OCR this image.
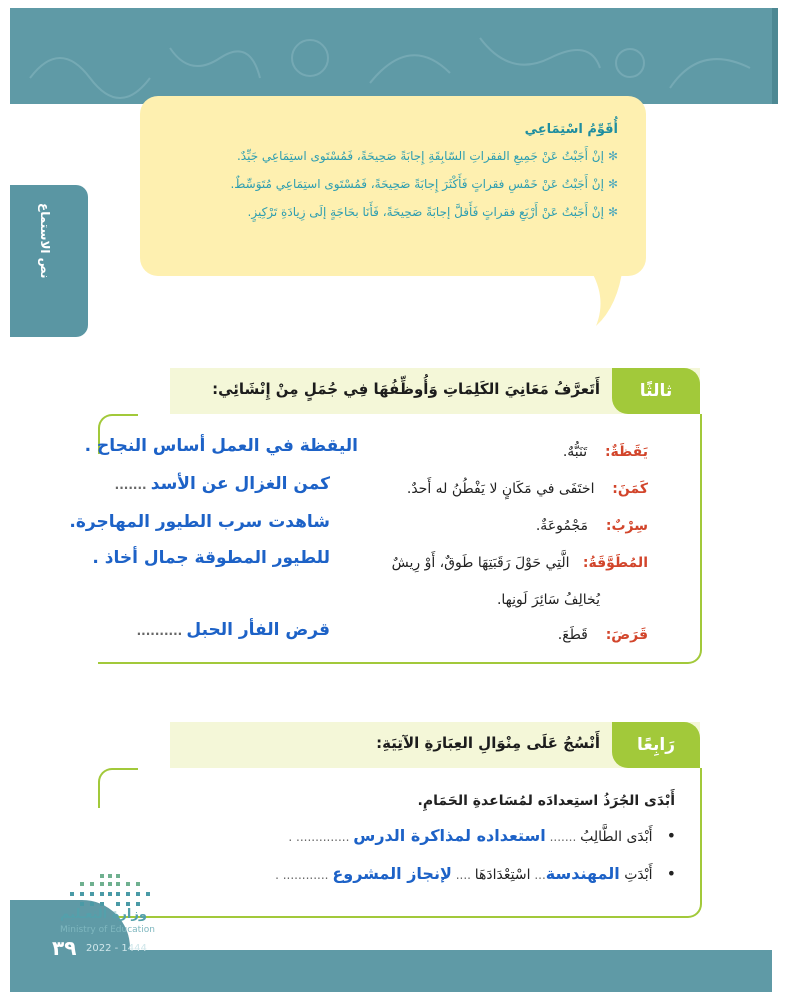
نص الاستماع
أُقَوِّمُ اسْتِمَاعِي
✻إنْ أَجَبْتُ عَنْ جَمِيعِ الفقراتِ السّابِقَةِ إِجابَةً صَحِيحَةً، فَمُسْتَوى استِمَاعِي جَيِّدٌ.
✻إنْ أَجَبْتُ عَنْ خَمْسِ فقراتٍ فَأَكْثَرَ إِجابَةً صَحِيحَةً، فَمُسْتَوى استِمَاعِي مُتَوَسِّطٌ.
✻إنْ أَجَبْتُ عَنْ أَرْبَعِ فقراتٍ فَأَقلَّ إجابَةً صَحِيحَةً، فَأَنَا بحَاجَةٍ إلَى زِيادَةِ تَرْكِيزٍ.
ثالثًا
أَتَعرَّفُ مَعَانِيَ الكَلِمَاتِ وَأُوظِّفُهَا فِي جُمَلٍ مِنْ إِنْشَائِي:
يَقَظَةٌ:    تَنَبُّهٌ.
كَمَنَ:    اختَفَى في مَكَانٍ لا يَفْطُنُ له أَحدٌ.
سِرْبٌ:    مَجْمُوعَةٌ.
المُطَوَّقَةُ:   الَّتِي حَوْلَ رَقَبَتِهَا طَوقٌ، أَوْ رِيشٌ
يُخالِفُ سَائِرَ لَونِها.
قَرَضَ:    قَطَعَ.
اليقظة في العمل أساس النجاح .
كمن الغزال عن الأسد .......
شاهدت سرب الطيور المهاجرة.
للطيور المطوقة جمال أخاذ .
قرض الفأر الحبل ..........
رَابِعًا
أَنْسُجُ عَلَى مِنْوَالِ العِبَارَةِ الآتِيَةِ:
أَبْدَى الجُرَذُ استِعدادَه لمُسَاعدةِ الحَمَامِ.
•أَبْدَى الطَّالِبُ ....... استعداده لمذاكرة الدرس .............. .
•أَبْدَتِ المهندسة... اسْتِعْدَادَهَا .... لإنجاز المشروع ............ .
وزارة التعـليم
Ministry of Education
٣٩ 2022 - 1444
